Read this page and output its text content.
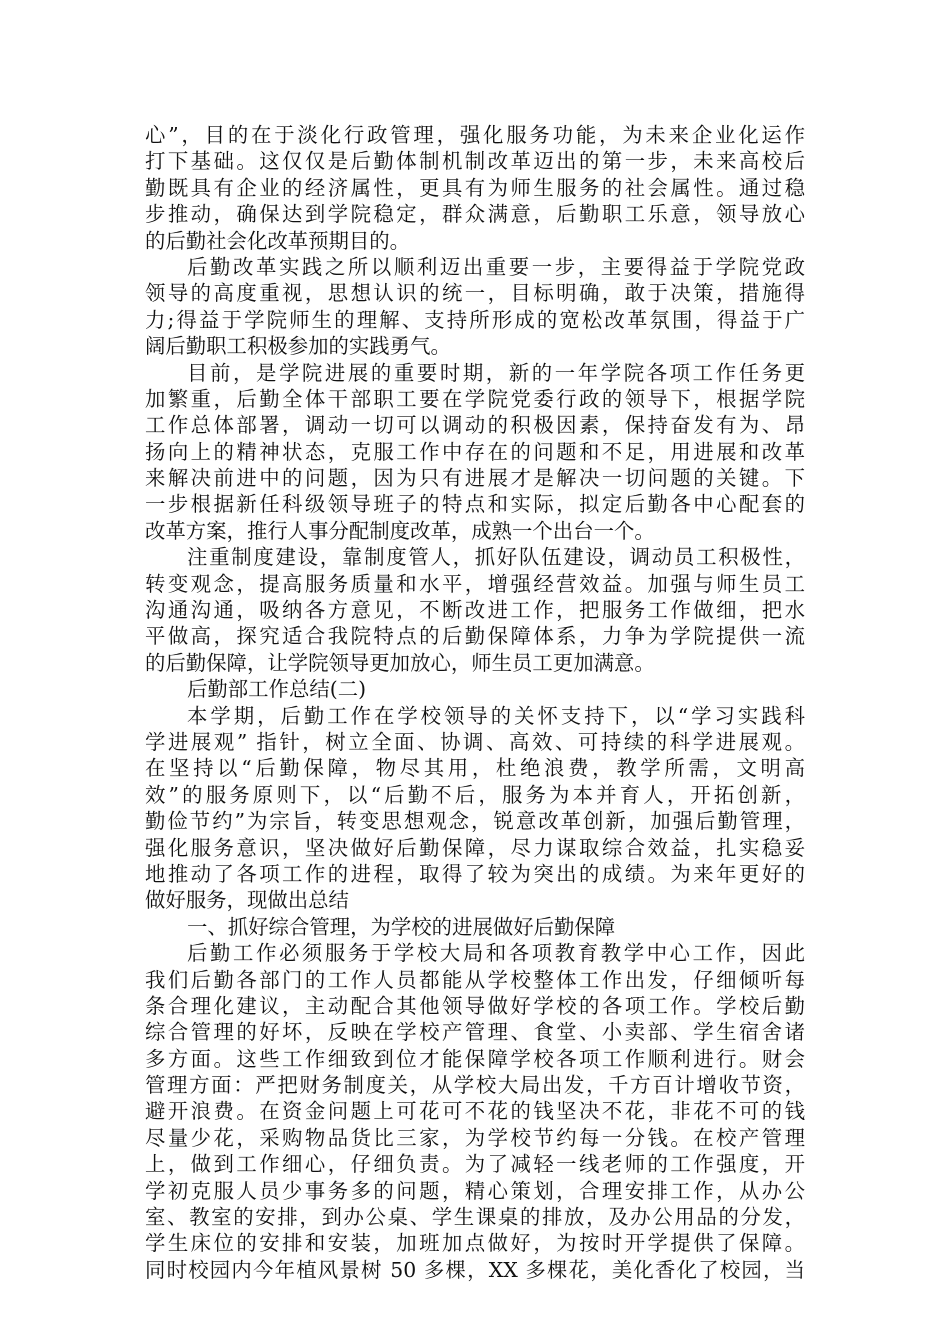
心”，目的在于淡化行政管理，强化服务功能，为未来企业化运作
打下基础。这仅仅是后勤体制机制改革迈出的第一步，未来高校后
勤既具有企业的经济属性，更具有为师生服务的社会属性。通过稳
步推动，确保达到学院稳定，群众满意，后勤职工乐意，领导放心
的后勤社会化改革预期目的。
后勤改革实践之所以顺利迈出重要一步，主要得益于学院党政
领导的高度重视，思想认识的统一，目标明确，敢于决策，措施得
力;得益于学院师生的理解、支持所形成的宽松改革氛围，得益于广
阔后勤职工积极参加的实践勇气。
目前，是学院进展的重要时期，新的一年学院各项工作任务更
加繁重，后勤全体干部职工要在学院党委行政的领导下，根据学院
工作总体部署，调动一切可以调动的积极因素，保持奋发有为、昂
扬向上的精神状态，克服工作中存在的问题和不足，用进展和改革
来解决前进中的问题，因为只有进展才是解决一切问题的关键。下
一步根据新任科级领导班子的特点和实际，拟定后勤各中心配套的
改革方案，推行人事分配制度改革，成熟一个出台一个。
注重制度建设，靠制度管人，抓好队伍建设，调动员工积极性，
转变观念，提高服务质量和水平，增强经营效益。加强与师生员工
沟通沟通，吸纳各方意见，不断改进工作，把服务工作做细，把水
平做高，探究适合我院特点的后勤保障体系，力争为学院提供一流
的后勤保障，让学院领导更加放心，师生员工更加满意。
后勤部工作总结(二)
本学期，后勤工作在学校领导的关怀支持下，以“学习实践科
学进展观” 指针，树立全面、协调、高效、可持续的科学进展观。
在坚持以“后勤保障，物尽其用，杜绝浪费，教学所需，文明高
效”的服务原则下，以“后勤不后，服务为本并育人，开拓创新，
勤俭节约”为宗旨，转变思想观念，锐意改革创新，加强后勤管理，
强化服务意识，坚决做好后勤保障，尽力谋取综合效益，扎实稳妥
地推动了各项工作的进程，取得了较为突出的成绩。为来年更好的
做好服务，现做出总结
一、抓好综合管理，为学校的进展做好后勤保障
后勤工作必须服务于学校大局和各项教育教学中心工作，因此
我们后勤各部门的工作人员都能从学校整体工作出发，仔细倾听每
条合理化建议，主动配合其他领导做好学校的各项工作。学校后勤
综合管理的好坏，反映在学校产管理、食堂、小卖部、学生宿舍诸
多方面。这些工作细致到位才能保障学校各项工作顺利进行。财会
管理方面：严把财务制度关，从学校大局出发，千方百计增收节资，
避开浪费。在资金问题上可花可不花的钱坚决不花，非花不可的钱
尽量少花，采购物品货比三家，为学校节约每一分钱。在校产管理
上，做到工作细心，仔细负责。为了减轻一线老师的工作强度，开
学初克服人员少事务多的问题，精心策划，合理安排工作，从办公
室、教室的安排，到办公桌、学生课桌的排放，及办公用品的分发，
学生床位的安排和安装，加班加点做好，为按时开学提供了保障。
同时校园内今年植风景树 50 多棵，XX 多棵花，美化香化了校园，当
